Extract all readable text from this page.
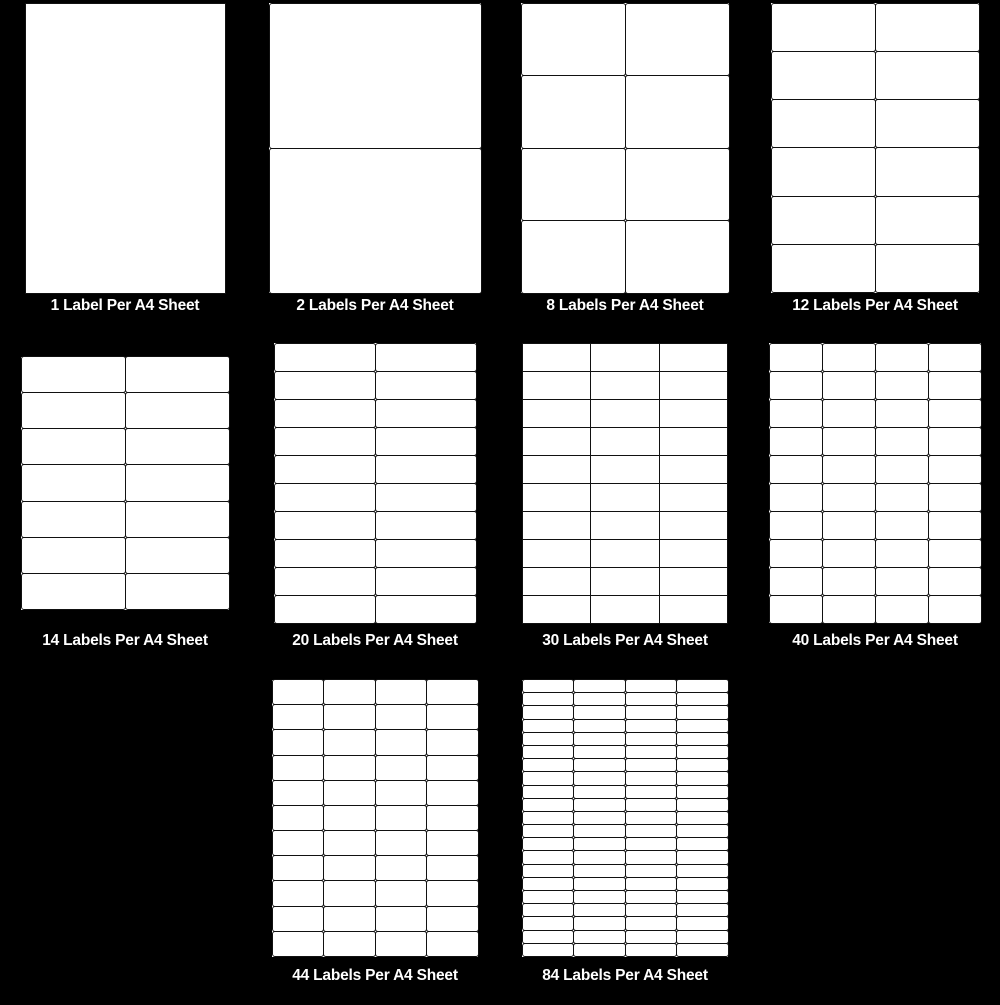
1 Label Per A4 Sheet	2 Labels Per A4 Sheet	8 Labels Per A4 Sheet	12 Labels Per A4 Sheet
14 Labels Per A4 Sheet	20 Labels Per A4 Sheet	30 Labels Per A4 Sheet	40 Labels Per A4 Sheet
44 Labels Per A4 Sheet	84 Labels Per A4 Sheet
